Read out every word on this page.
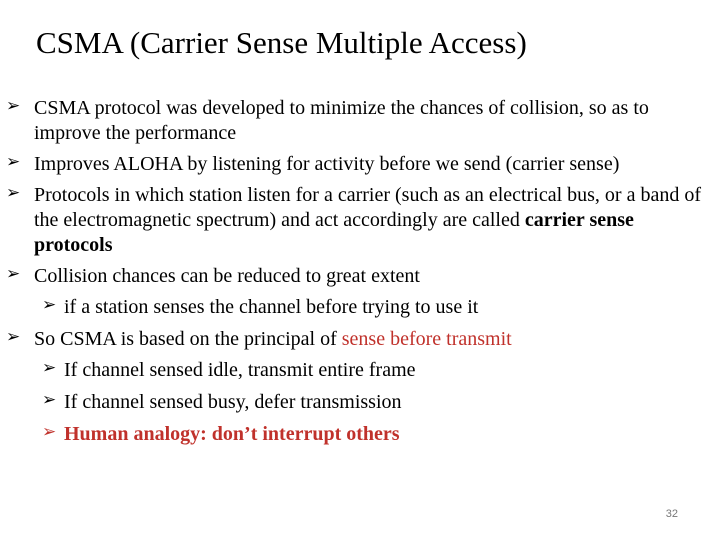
CSMA (Carrier Sense Multiple Access)
➢ CSMA protocol was developed to minimize the chances of collision, so as to improve the performance
➢ Improves ALOHA by listening for activity before we send (carrier sense)
➢ Protocols in which station listen for a carrier (such as an electrical bus, or a band of the electromagnetic spectrum) and act accordingly are called carrier sense protocols
➢ Collision chances can be reduced to great extent
➢ if a station senses the channel before trying to use it
➢ So CSMA is based on the principal of sense before transmit
➢ If channel sensed idle, transmit entire frame
➢ If channel sensed busy, defer transmission
➢ Human analogy: don’t interrupt others
32
